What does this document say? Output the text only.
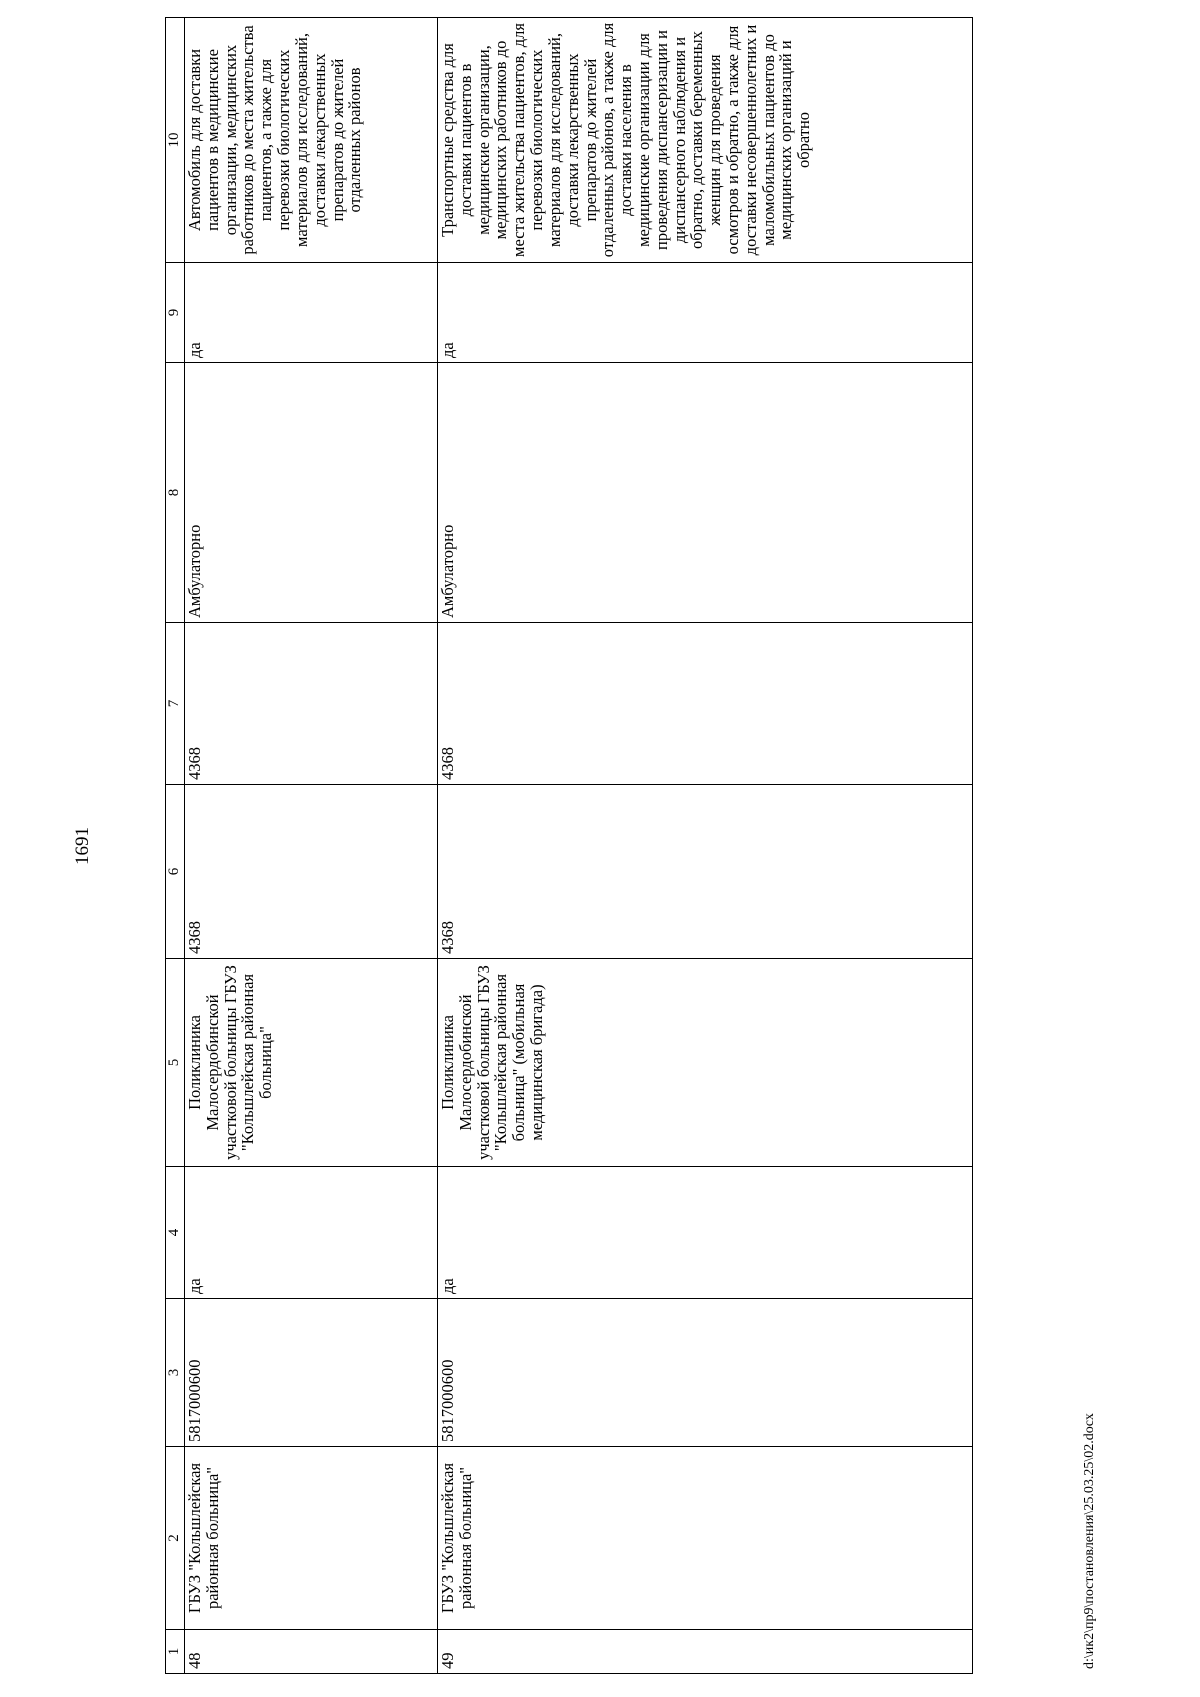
1691
1	2	3	4	5	6	7	8	9	10
48	ГБУЗ "Кольшлейская районная больница"	5817000600	да	Поликлиника Малосердобинской участковой больницы ГБУЗ "Кольшлейская районная больница"	4368	4368	Амбулаторно	да	Автомобиль для доставки пациентов в медицинские организации, медицинских работников до места жительства пациентов, а также для перевозки биологических материалов для исследований, доставки лекарственных препаратов до жителей отдаленных районов
49	ГБУЗ "Кольшлейская районная больница"	5817000600	да	Поликлиника Малосердобинской участковой больницы ГБУЗ "Кольшлейская районная больница" (мобильная медицинская бригада)	4368	4368	Амбулаторно	да	Транспортные средства для доставки пациентов в медицинские организации, медицинских работников до места жительства пациентов, для перевозки биологических материалов для исследований, доставки лекарственных препаратов до жителей отдаленных районов, а также для доставки населения в медицинские организации для проведения диспансеризации и диспансерного наблюдения и обратно, доставки беременных женщин для проведения осмотров и обратно, а также для доставки несовершеннолетних и маломобильных пациентов до медицинских организаций и обратно
d:\ик2\пр9\постановления\25.03.25\02.docx
